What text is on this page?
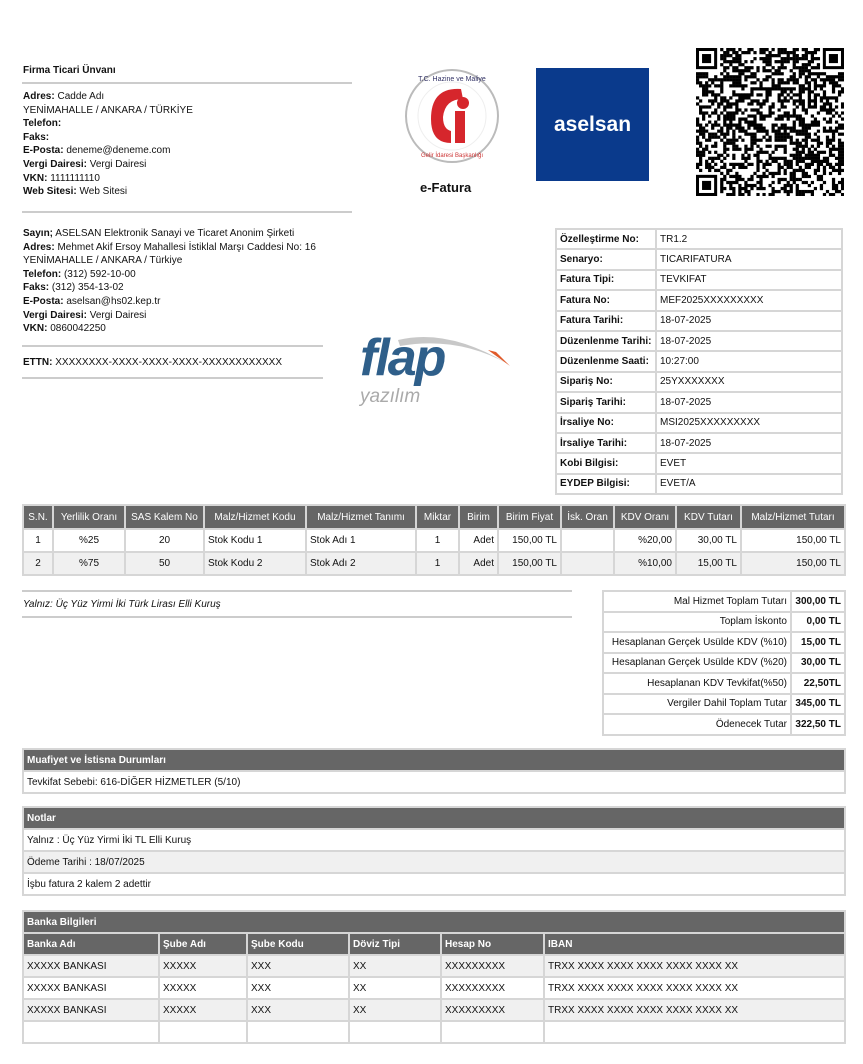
Firma Ticari Ünvanı
Adres: Cadde Adı
YENİMAHALLE / ANKARA / TÜRKİYE
Telefon:
Faks:
E-Posta: deneme@deneme.com
Vergi Dairesi: Vergi Dairesi
VKN: 1111111110
Web Sitesi: Web Sitesi
Sayın; ASELSAN Elektronik Sanayi ve Ticaret Anonim Şirketi
Adres: Mehmet Akif Ersoy Mahallesi İstiklal Marşı Caddesi No: 16
YENİMAHALLE / ANKARA / Türkiye
Telefon: (312) 592-10-00
Faks: (312) 354-13-02
E-Posta: aselsan@hs02.kep.tr
Vergi Dairesi: Vergi Dairesi
VKN: 0860042250
ETTN: XXXXXXXX-XXXX-XXXX-XXXX-XXXXXXXXXXXX
T.C. Hazine ve Maliye
Gelir İdaresi Başkanlığı
e-Fatura
aselsan
flap
yazılım
Özelleştirme No:	TR1.2
Senaryo:	TICARIFATURA
Fatura Tipi:	TEVKIFAT
Fatura No:	MEF2025XXXXXXXXX
Fatura Tarihi:	18-07-2025
Düzenlenme Tarihi:	18-07-2025
Düzenlenme Saati:	10:27:00
Sipariş No:	25YXXXXXXX
Sipariş Tarihi:	18-07-2025
İrsaliye No:	MSI2025XXXXXXXXX
İrsaliye Tarihi:	18-07-2025
Kobi Bilgisi:	EVET
EYDEP Bilgisi:	EVET/A
S.N.	Yerlilik Oranı	SAS Kalem No	Malz/Hizmet Kodu	Malz/Hizmet Tanımı	Miktar	Birim	Birim Fiyat	İsk. Oran	KDV Oranı	KDV Tutarı	Malz/Hizmet Tutarı
1	%25	20	Stok Kodu 1	Stok Adı 1	1	Adet	150,00 TL		%20,00	30,00 TL	150,00 TL
2	%75	50	Stok Kodu 2	Stok Adı 2	1	Adet	150,00 TL		%10,00	15,00 TL	150,00 TL
Yalnız: Üç Yüz Yirmi İki Türk Lirası Elli Kuruş	Mal Hizmet Toplam Tutarı	300,00 TL
Toplam İskonto	0,00 TL
Hesaplanan Gerçek Usülde KDV (%10)	15,00 TL
Hesaplanan Gerçek Usülde KDV (%20)	30,00 TL
Hesaplanan KDV Tevkifat(%50)	22,50TL
Vergiler Dahil Toplam Tutar	345,00 TL
Ödenecek Tutar	322,50 TL
Muafiyet ve İstisna Durumları
Tevkifat Sebebi: 616-DİĞER HİZMETLER (5/10)
Notlar
Yalnız : Üç Yüz Yirmi İki TL Elli Kuruş
Ödeme Tarihi : 18/07/2025
İşbu fatura 2 kalem 2 adettir
Banka Bilgileri					
Banka Adı	Şube Adı	Şube Kodu	Döviz Tipi	Hesap No	IBAN
XXXXX BANKASI	XXXXX	XXX	XX	XXXXXXXXX	TRXX XXXX XXXX XXXX XXXX XXXX XX
XXXXX BANKASI	XXXXX	XXX	XX	XXXXXXXXX	TRXX XXXX XXXX XXXX XXXX XXXX XX
XXXXX BANKASI	XXXXX	XXX	XX	XXXXXXXXX	TRXX XXXX XXXX XXXX XXXX XXXX XX
